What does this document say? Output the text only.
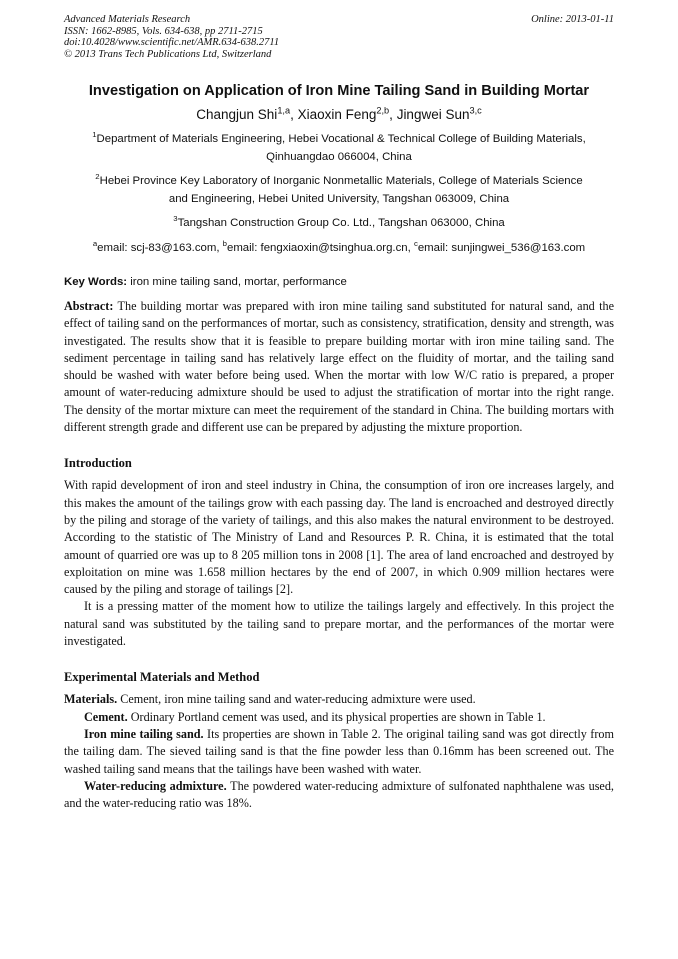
Advanced Materials Research	Online: 2013-01-11
ISSN: 1662-8985, Vols. 634-638, pp 2711-2715
doi:10.4028/www.scientific.net/AMR.634-638.2711
© 2013 Trans Tech Publications Ltd, Switzerland
Investigation on Application of Iron Mine Tailing Sand in Building Mortar
Changjun Shi$^{1,a}$, Xiaoxin Feng$^{2,b}$, Jingwei Sun$^{3,c}$
$^1$Department of Materials Engineering, Hebei Vocational & Technical College of Building Materials,
Qinhuangdao 066004, China
$^2$Hebei Province Key Laboratory of Inorganic Nonmetallic Materials, College of Materials Science
and Engineering, Hebei United University, Tangshan 063009, China
$^3$Tangshan Construction Group Co. Ltd., Tangshan 063000, China
$^a$email: scj-83@163.com, $^b$email: fengxiaoxin@tsinghua.org.cn, $^c$email: sunjingwei_536@163.com
Key Words: iron mine tailing sand, mortar, performance

Abstract: The building mortar was prepared with iron mine tailing sand substituted for natural sand, and the effect of tailing sand on the performances of mortar, such as consistency, stratification, density and strength, was investigated. The results show that it is feasible to prepare building mortar with iron mine tailing sand. The sediment percentage in tailing sand has relatively large effect on the fluidity of mortar, and the tailing sand should be washed with water before being used. When the mortar with low W/C ratio is prepared, a proper amount of water-reducing admixture should be used to adjust the stratification of mortar into the right range. The density of the mortar mixture can meet the requirement of the standard in China. The building mortars with different strength grade and different use can be prepared by adjusting the mixture proportion.

Introduction

With rapid development of iron and steel industry in China, the consumption of iron ore increases largely, and this makes the amount of the tailings grow with each passing day. The land is encroached and destroyed directly by the piling and storage of the variety of tailings, and this also makes the natural environment to be destroyed. According to the statistic of The Ministry of Land and Resources P. R. China, it is estimated that the total amount of quarried ore was up to 8 205 million tons in 2008 [1]. The area of land encroached and destroyed by exploitation on mine was 1.658 million hectares by the end of 2007, in which 0.909 million hectares were caused by the piling and storage of tailings [2].

It is a pressing matter of the moment how to utilize the tailings largely and effectively. In this project the natural sand was substituted by the tailing sand to prepare mortar, and the performances of the mortar were investigated.

Experimental Materials and Method

Materials. Cement, iron mine tailing sand and water-reducing admixture were used.

Cement. Ordinary Portland cement was used, and its physical properties are shown in Table 1.

Iron mine tailing sand. Its properties are shown in Table 2. The original tailing sand was got directly from the tailing dam. The sieved tailing sand is that the fine powder less than 0.16mm has been screened out. The washed tailing sand means that the tailings have been washed with water.

Water-reducing admixture. The powdered water-reducing admixture of sulfonated naphthalene was used, and the water-reducing ratio was 18%.
